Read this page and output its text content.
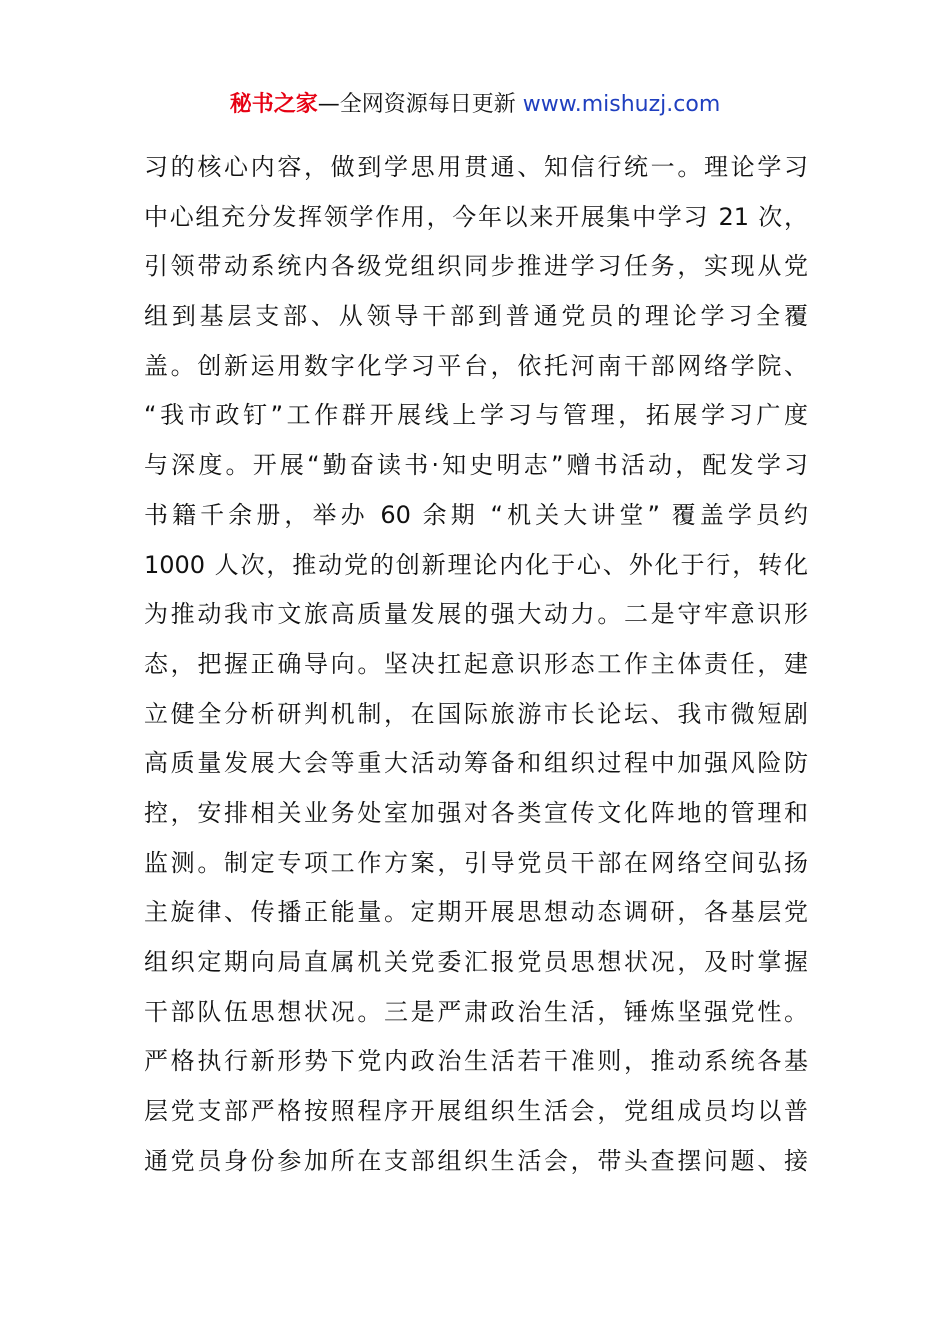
秘书之家—全网资源每日更新 www.mishuzj.com
习的核心内容，做到学思用贯通、知信行统一。理论学习
中心组充分发挥领学作用，今年以来开展集中学习 21 次，
引领带动系统内各级党组织同步推进学习任务，实现从党
组到基层支部、从领导干部到普通党员的理论学习全覆
盖。创新运用数字化学习平台，依托河南干部网络学院、
“我市政钉”工作群开展线上学习与管理，拓展学习广度
与深度。开展“勤奋读书·知史明志”赠书活动，配发学习
书籍千余册，举办 60 余期 “机关大讲堂” 覆盖学员约
1000 人次，推动党的创新理论内化于心、外化于行，转化
为推动我市文旅高质量发展的强大动力。二是守牢意识形
态，把握正确导向。坚决扛起意识形态工作主体责任，建
立健全分析研判机制，在国际旅游市长论坛、我市微短剧
高质量发展大会等重大活动筹备和组织过程中加强风险防
控，安排相关业务处室加强对各类宣传文化阵地的管理和
监测。制定专项工作方案，引导党员干部在网络空间弘扬
主旋律、传播正能量。定期开展思想动态调研，各基层党
组织定期向局直属机关党委汇报党员思想状况，及时掌握
干部队伍思想状况。三是严肃政治生活，锤炼坚强党性。
严格执行新形势下党内政治生活若干准则，推动系统各基
层党支部严格按照程序开展组织生活会，党组成员均以普
通党员身份参加所在支部组织生活会，带头查摆问题、接
